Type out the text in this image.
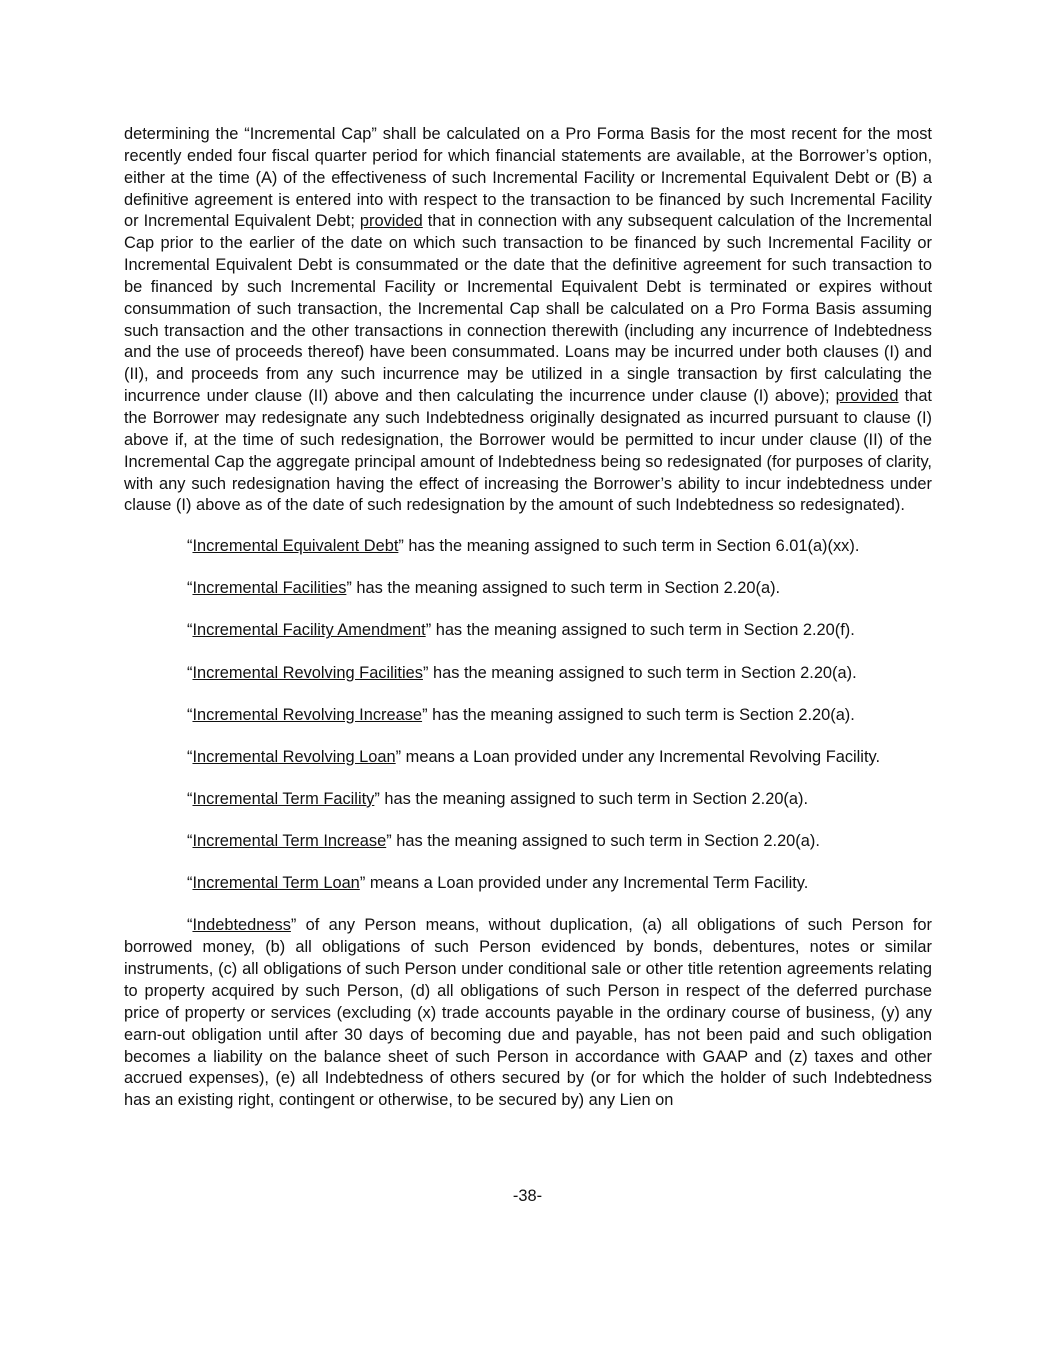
determining the “Incremental Cap” shall be calculated on a Pro Forma Basis for the most recent for the most recently ended four fiscal quarter period for which financial statements are available, at the Borrower’s option, either at the time (A) of the effectiveness of such Incremental Facility or Incremental Equivalent Debt or (B) a definitive agreement is entered into with respect to the transaction to be financed by such Incremental Facility or Incremental Equivalent Debt; provided that in connection with any subsequent calculation of the Incremental Cap prior to the earlier of the date on which such transaction to be financed by such Incremental Facility or Incremental Equivalent Debt is consummated or the date that the definitive agreement for such transaction to be financed by such Incremental Facility or Incremental Equivalent Debt is terminated or expires without consummation of such transaction, the Incremental Cap shall be calculated on a Pro Forma Basis assuming such transaction and the other transactions in connection therewith (including any incurrence of Indebtedness and the use of proceeds thereof) have been consummated. Loans may be incurred under both clauses (I) and (II), and proceeds from any such incurrence may be utilized in a single transaction by first calculating the incurrence under clause (II) above and then calculating the incurrence under clause (I) above); provided that the Borrower may redesignate any such Indebtedness originally designated as incurred pursuant to clause (I) above if, at the time of such redesignation, the Borrower would be permitted to incur under clause (II) of the Incremental Cap the aggregate principal amount of Indebtedness being so redesignated (for purposes of clarity, with any such redesignation having the effect of increasing the Borrower’s ability to incur indebtedness under clause (I) above as of the date of such redesignation by the amount of such Indebtedness so redesignated).

“Incremental Equivalent Debt” has the meaning assigned to such term in Section 6.01(a)(xx).

“Incremental Facilities” has the meaning assigned to such term in Section 2.20(a).

“Incremental Facility Amendment” has the meaning assigned to such term in Section 2.20(f).

“Incremental Revolving Facilities” has the meaning assigned to such term in Section 2.20(a).

“Incremental Revolving Increase” has the meaning assigned to such term is Section 2.20(a).

“Incremental Revolving Loan” means a Loan provided under any Incremental Revolving Facility.

“Incremental Term Facility” has the meaning assigned to such term in Section 2.20(a).

“Incremental Term Increase” has the meaning assigned to such term in Section 2.20(a).

“Incremental Term Loan” means a Loan provided under any Incremental Term Facility.

“Indebtedness” of any Person means, without duplication, (a) all obligations of such Person for borrowed money, (b) all obligations of such Person evidenced by bonds, debentures, notes or similar instruments, (c) all obligations of such Person under conditional sale or other title retention agreements relating to property acquired by such Person, (d) all obligations of such Person in respect of the deferred purchase price of property or services (excluding (x) trade accounts payable in the ordinary course of business, (y) any earn-out obligation until after 30 days of becoming due and payable, has not been paid and such obligation becomes a liability on the balance sheet of such Person in accordance with GAAP and (z) taxes and other accrued expenses), (e) all Indebtedness of others secured by (or for which the holder of such Indebtedness has an existing right, contingent or otherwise, to be secured by) any Lien on

-38-
